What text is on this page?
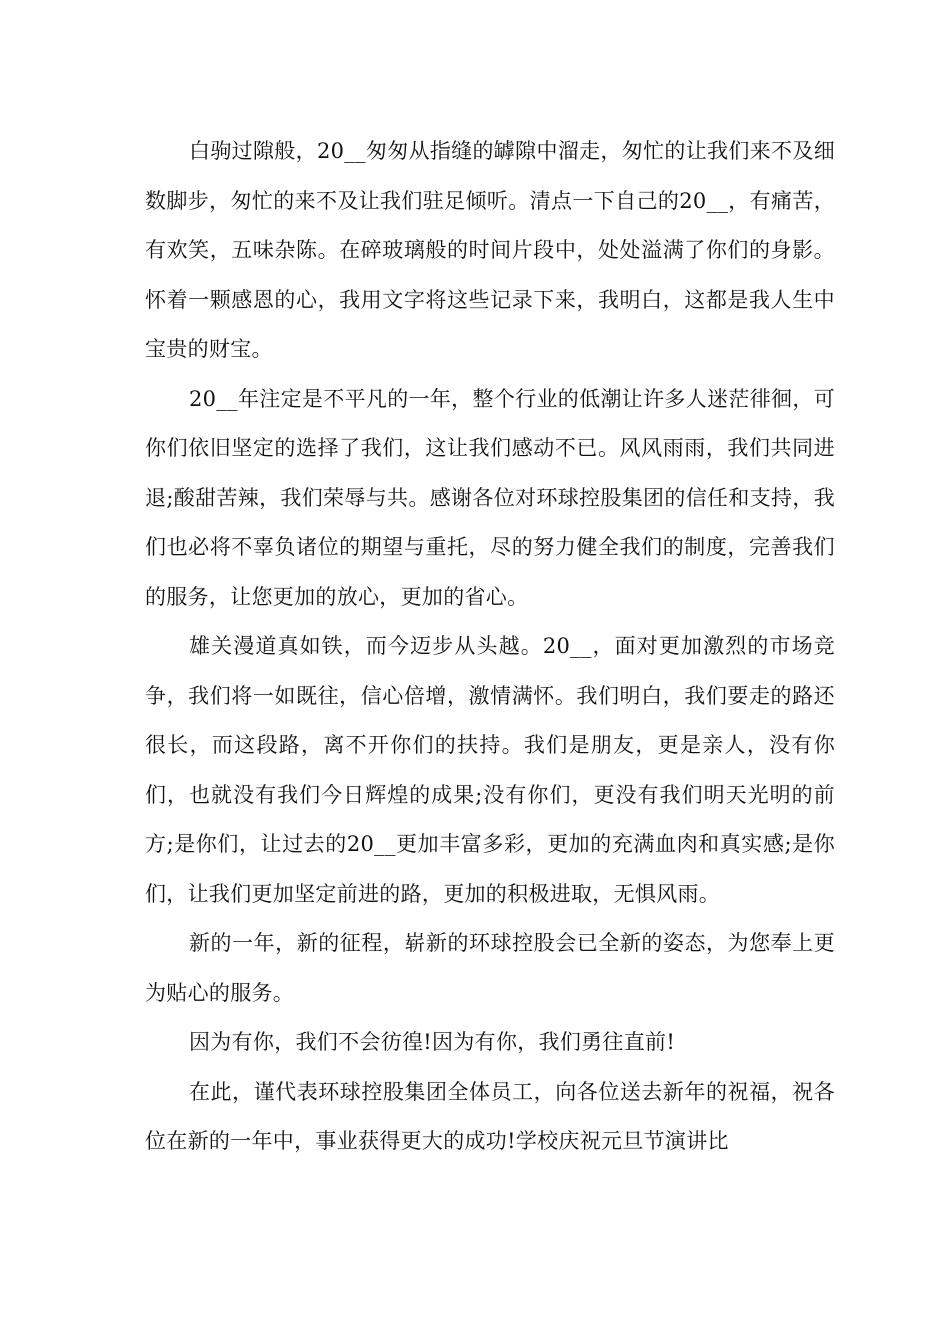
白驹过隙般，20__匆匆从指缝的罅隙中溜走，匆忙的让我们来不及细数脚步，匆忙的来不及让我们驻足倾听。清点一下自己的20__，有痛苦，有欢笑，五味杂陈。在碎玻璃般的时间片段中，处处溢满了你们的身影。怀着一颗感恩的心，我用文字将这些记录下来，我明白，这都是我人生中宝贵的财宝。

20__年注定是不平凡的一年，整个行业的低潮让许多人迷茫徘徊，可你们依旧坚定的选择了我们，这让我们感动不已。风风雨雨，我们共同进退;酸甜苦辣，我们荣辱与共。感谢各位对环球控股集团的信任和支持，我们也必将不辜负诸位的期望与重托，尽的努力健全我们的制度，完善我们的服务，让您更加的放心，更加的省心。

雄关漫道真如铁，而今迈步从头越。20__，面对更加激烈的市场竞争，我们将一如既往，信心倍增，激情满怀。我们明白，我们要走的路还很长，而这段路，离不开你们的扶持。我们是朋友，更是亲人，没有你们，也就没有我们今日辉煌的成果;没有你们，更没有我们明天光明的前方;是你们，让过去的20__更加丰富多彩，更加的充满血肉和真实感;是你们，让我们更加坚定前进的路，更加的积极进取，无惧风雨。

新的一年，新的征程，崭新的环球控股会已全新的姿态，为您奉上更为贴心的服务。

因为有你，我们不会彷徨!因为有你，我们勇往直前!

在此，谨代表环球控股集团全体员工，向各位送去新年的祝福，祝各位在新的一年中，事业获得更大的成功!学校庆祝元旦节演讲比
